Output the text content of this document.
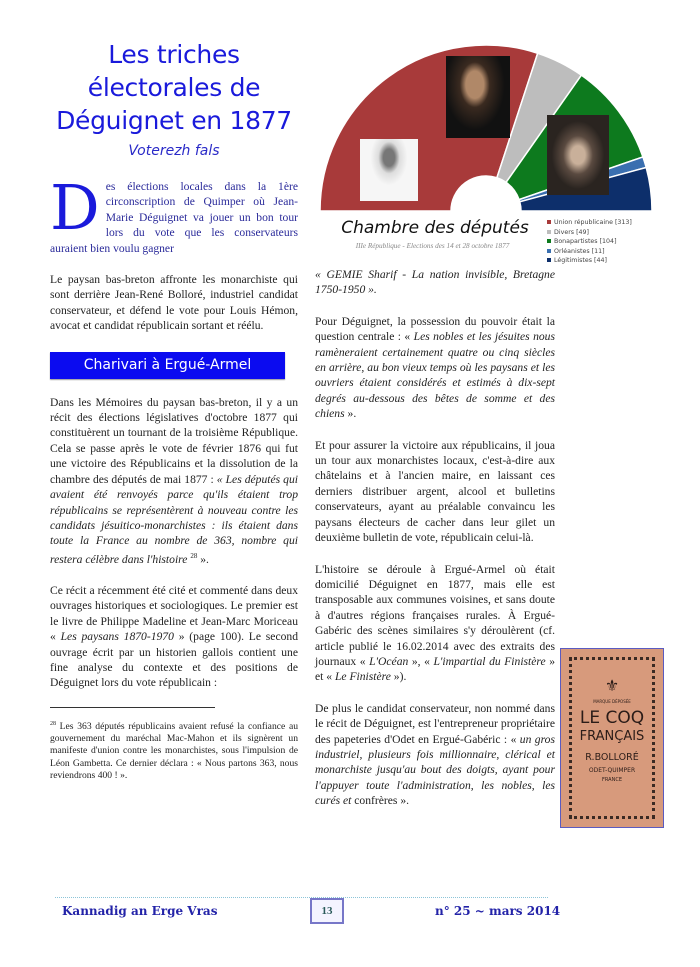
Les triches
électorales de
Déguignet en 1877
Voterezh fals
Des élections locales dans la 1ère circonscription de Quimper où Jean-Marie Déguignet va jouer un bon tour lors du vote que les conservateurs auraient bien voulu gagner
Le paysan bas-breton affronte les monarchiste qui sont derrière Jean-René Bolloré, industriel candidat conservateur, et défend le vote pour Louis Hémon, avocat et candidat républicain sortant et réélu.
Charivari à Ergué-Armel
Dans les Mémoires du paysan bas-breton, il y a un récit des élections législatives d'octobre 1877 qui constituèrent un tournant de la troisième République. Cela se passe après le vote de février 1876 qui fut une victoire des Républicains et la dissolution de la chambre des députés de mai 1877 : « Les députés qui avaient été renvoyés parce qu'ils étaient trop républicains se représentèrent à nouveau contre les candidats jésuitico-monarchistes : ils étaient dans toute la France au nombre de 363, nombre qui restera célèbre dans l'histoire $^{28}$ ».
Ce récit a récemment été cité et commenté dans deux ouvrages historiques et sociologiques. Le premier est le livre de Philippe Madeline et Jean-Marc Moriceau « Les paysans 1870-1970 » (page 100). Le second ouvrage écrit par un historien gallois contient une fine analyse du contexte et des positions de Déguignet lors du vote républicain :
$^{28}$ Les 363 députés républicains avaient refusé la confiance au gouvernement du maréchal Mac-Mahon et ils signèrent un manifeste d'union contre les monarchistes, sous l'impulsion de Léon Gambetta. Ce dernier déclara : « Nous partons 363, nous reviendrons 400 ! ».
Chambre des députés
IIIe République - Elections des 14 et 28 octobre 1877
Union républicaine [313]
Divers [49]
Bonapartistes [104]
Orléanistes [11]
Légitimistes [44]
« GEMIE Sharif - La nation invisible, Bretagne 1750-1950 ».
Pour Déguignet, la possession du pouvoir était la question centrale : « Les nobles et les jésuites nous ramèneraient certainement quatre ou cinq siècles en arrière, au bon vieux temps où les paysans et les ouvriers étaient considérés et estimés à dix-sept degrés au-dessous des bêtes de somme et des chiens ».
Et pour assurer la victoire aux républicains, il joua un tour aux monarchistes locaux, c'est-à-dire aux châtelains et à l'ancien maire, en laissant ces derniers distribuer argent, alcool et bulletins conservateurs, ayant au préalable convaincu les paysans électeurs de cacher dans leur gilet un deuxième bulletin de vote, républicain celui-là.
L'histoire se déroule à Ergué-Armel où était domicilié Déguignet en 1877, mais elle est transposable aux communes voisines, et sans doute à d'autres régions françaises rurales. À Ergué-Gabéric des scènes similaires s'y déroulèrent (cf. article publié le 16.02.2014 avec des extraits des journaux « L'Océan », « L'impartial du Finistère » et « Le Finistère »).
De plus le candidat conservateur, non nommé dans le récit de Déguignet, est l'entrepreneur propriétaire des papeteries d'Odet en Ergué-Gabéric : « un gros industriel, plusieurs fois millionnaire, clérical et monarchiste jusqu'au bout des doigts, ayant pour l'appuyer toute l'administration, les nobles, les curés et confrères ».
⚜
MARQUE DÉPOSÉE
LE COQ
FRANÇAIS
R.BOLLORÉ
ODET-QUIMPER
FRANCE
Kannadig an Erge Vras	13	n° 25 ~ mars 2014
